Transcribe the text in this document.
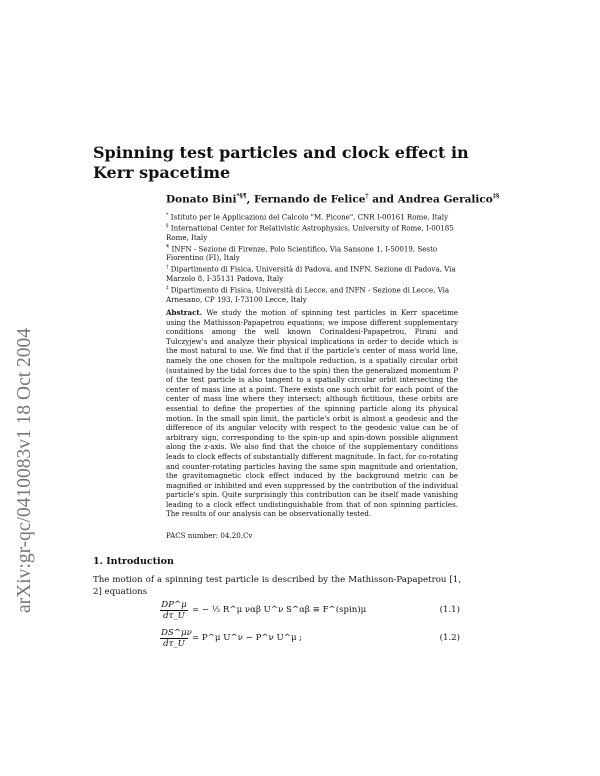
arXiv:gr-qc/0410083v1 18 Oct 2004
Spinning test particles and clock effect in Kerr spacetime
Donato Bini*§¶, Fernando de Felice† and Andrea Geralico‡§

* Istituto per le Applicazioni del Calcolo "M. Picone", CNR I-00161 Rome, Italy

§ International Center for Relativistic Astrophysics, University of Rome, I-00185 Rome, Italy

¶ INFN - Sezione di Firenze, Polo Scientifico, Via Sansone 1, I-50019, Sesto Fiorentino (FI), Italy

† Dipartimento di Fisica, Università di Padova, and INFN, Sezione di Padova, Via Marzolo 8, I-35131 Padova, Italy

‡ Dipartimento di Fisica, Università di Lecce, and INFN - Sezione di Lecce, Via Arnesano, CP 193, I-73100 Lecce, Italy

Abstract. We study the motion of spinning test particles in Kerr spacetime using the Mathisson-Papapetrou equations; we impose different supplementary conditions among the well known Corinaldesi-Papapetrou, Pirani and Tulczyjew's and analyze their physical implications in order to decide which is the most natural to use. We find that if the particle's center of mass world line, namely the one chosen for the multipole reduction, is a spatially circular orbit (sustained by the tidal forces due to the spin) then the generalized momentum P of the test particle is also tangent to a spatially circular orbit intersecting the center of mass line at a point. There exists one such orbit for each point of the center of mass line where they intersect; although fictitious, these orbits are essential to define the properties of the spinning particle along its physical motion. In the small spin limit, the particle's orbit is almost a geodesic and the difference of its angular velocity with respect to the geodesic value can be of arbitrary sign, corresponding to the spin-up and spin-down possible alignment along the z-axis. We also find that the choice of the supplementary conditions leads to clock effects of substantially different magnitude. In fact, for co-rotating and counter-rotating particles having the same spin magnitude and orientation, the gravitomagnetic clock effect induced by the background metric can be magnified or inhibited and even suppressed by the contribution of the individual particle's spin. Quite surprisingly this contribution can be itself made vanishing leading to a clock effect undistinguishable from that of non spinning particles. The results of our analysis can be observationally tested.
PACS number: 04.20.Cv
1. Introduction
The motion of a spinning test particle is described by the Mathisson-Papapetrou [1, 2] equations
$\frac{DP\^{}\mu}{d\tau\_U}$ = − ½ R^μ ναβ U^ν S^αβ ≡ F^(spin)μ	(1.1)
$\frac{DS\^{}\mu\nu}{d\tau\_U}$ = P^μ U^ν − P^ν U^μ ;	(1.2)
